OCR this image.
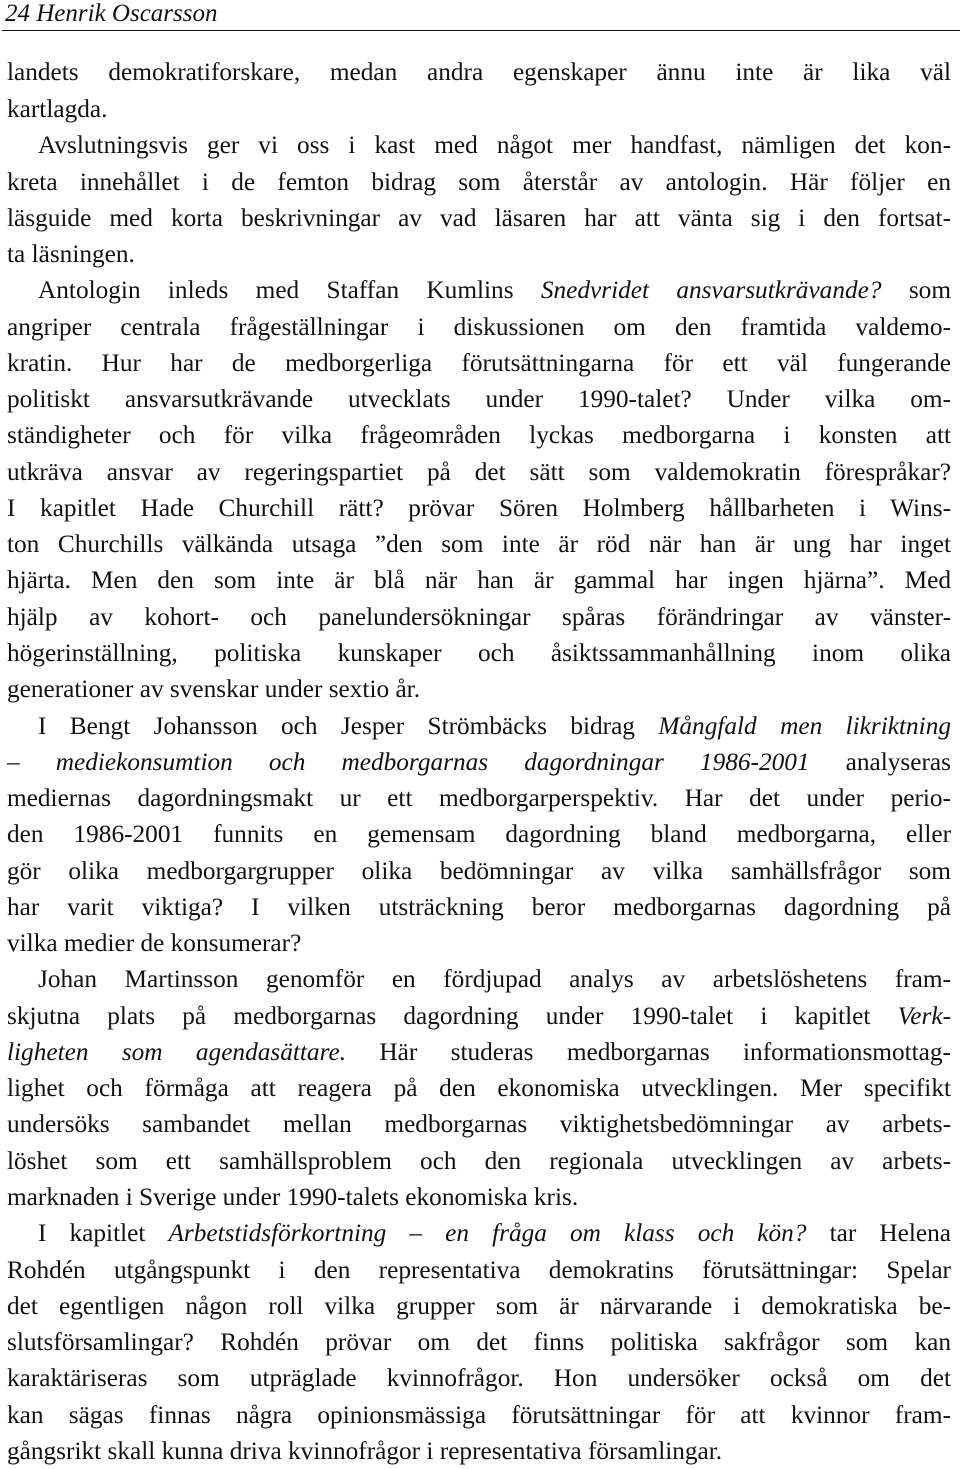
24 Henrik Oscarsson
landets demokratiforskare, medan andra egenskaper ännu inte är lika väl
kartlagda.
Avslutningsvis ger vi oss i kast med något mer handfast, nämligen det kon-
kreta innehållet i de femton bidrag som återstår av antologin. Här följer en
läsguide med korta beskrivningar av vad läsaren har att vänta sig i den fortsat-
ta läsningen.
Antologin inleds med Staffan Kumlins Snedvridet ansvarsutkrävande? som
angriper centrala frågeställningar i diskussionen om den framtida valdemo-
kratin. Hur har de medborgerliga förutsättningarna för ett väl fungerande
politiskt ansvarsutkrävande utvecklats under 1990-talet? Under vilka om-
ständigheter och för vilka frågeområden lyckas medborgarna i konsten att
utkräva ansvar av regeringspartiet på det sätt som valdemokratin förespråkar?
I kapitlet Hade Churchill rätt? prövar Sören Holmberg hållbarheten i Wins-
ton Churchills välkända utsaga ”den som inte är röd när han är ung har inget
hjärta. Men den som inte är blå när han är gammal har ingen hjärna”. Med
hjälp av kohort- och panelundersökningar spåras förändringar av vänster-
högerinställning, politiska kunskaper och åsiktssammanhållning inom olika
generationer av svenskar under sextio år.
I Bengt Johansson och Jesper Strömbäcks bidrag Mångfald men likriktning
– mediekonsumtion och medborgarnas dagordningar 1986-2001 analyseras
mediernas dagordningsmakt ur ett medborgarperspektiv. Har det under perio-
den 1986-2001 funnits en gemensam dagordning bland medborgarna, eller
gör olika medborgargrupper olika bedömningar av vilka samhällsfrågor som
har varit viktiga? I vilken utsträckning beror medborgarnas dagordning på
vilka medier de konsumerar?
Johan Martinsson genomför en fördjupad analys av arbetslöshetens fram-
skjutna plats på medborgarnas dagordning under 1990-talet i kapitlet Verk-
ligheten som agendasättare. Här studeras medborgarnas informationsmottag-
lighet och förmåga att reagera på den ekonomiska utvecklingen. Mer specifikt
undersöks sambandet mellan medborgarnas viktighetsbedömningar av arbets-
löshet som ett samhällsproblem och den regionala utvecklingen av arbets-
marknaden i Sverige under 1990-talets ekonomiska kris.
I kapitlet Arbetstidsförkortning – en fråga om klass och kön? tar Helena
Rohdén utgångspunkt i den representativa demokratins förutsättningar: Spelar
det egentligen någon roll vilka grupper som är närvarande i demokratiska be-
slutsförsamlingar? Rohdén prövar om det finns politiska sakfrågor som kan
karaktäriseras som utpräglade kvinnofrågor. Hon undersöker också om det
kan sägas finnas några opinionsmässiga förutsättningar för att kvinnor fram-
gångsrikt skall kunna driva kvinnofrågor i representativa församlingar.
